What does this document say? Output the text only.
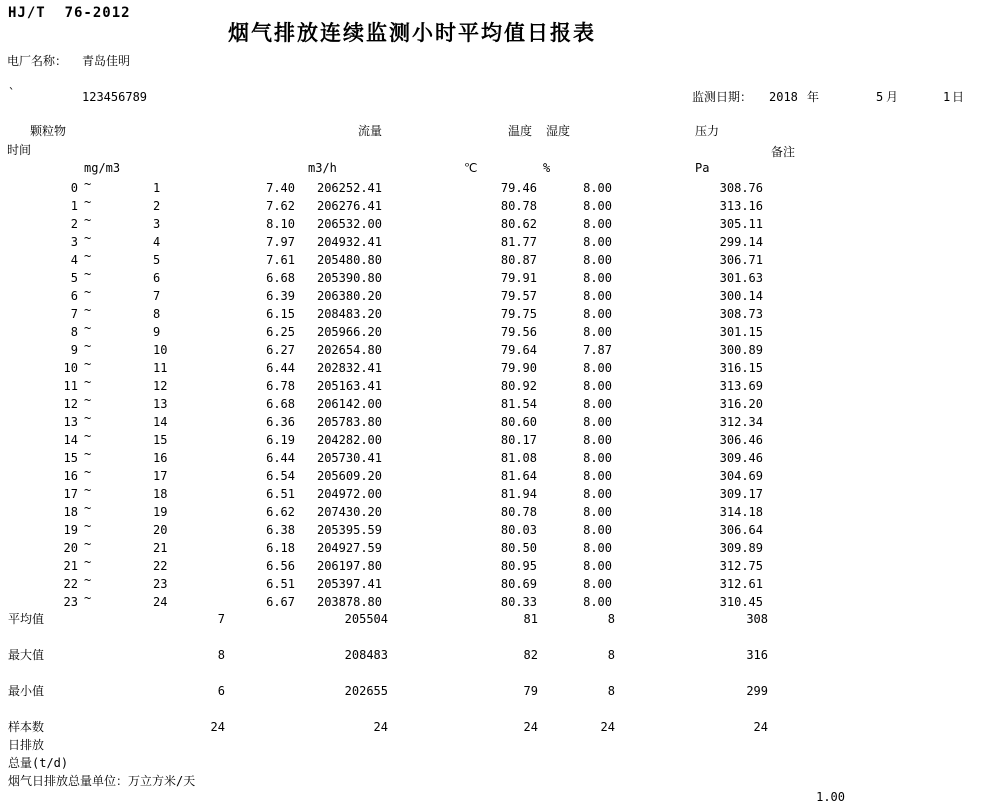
HJ/T  76-2012
烟气排放连续监测小时平均值日报表
电厂名称： 青岛佳明
`	123456789	监测日期： 2018 年	5 月	1 日
颗粒物	流量	温度 湿度	压力
时间	备注
mg/m3	m3/h	℃	%	Pa
0 ~	1	7.40	206252.41	79.46	8.00	308.76
1 ~	2	7.62	206276.41	80.78	8.00	313.16
2 ~	3	8.10	206532.00	80.62	8.00	305.11
3 ~	4	7.97	204932.41	81.77	8.00	299.14
4 ~	5	7.61	205480.80	80.87	8.00	306.71
5 ~	6	6.68	205390.80	79.91	8.00	301.63
6 ~	7	6.39	206380.20	79.57	8.00	300.14
7 ~	8	6.15	208483.20	79.75	8.00	308.73
8 ~	9	6.25	205966.20	79.56	8.00	301.15
9 ~	10	6.27	202654.80	79.64	7.87	300.89
10 ~	11	6.44	202832.41	79.90	8.00	316.15
11 ~	12	6.78	205163.41	80.92	8.00	313.69
12 ~	13	6.68	206142.00	81.54	8.00	316.20
13 ~	14	6.36	205783.80	80.60	8.00	312.34
14 ~	15	6.19	204282.00	80.17	8.00	306.46
15 ~	16	6.44	205730.41	81.08	8.00	309.46
16 ~	17	6.54	205609.20	81.64	8.00	304.69
17 ~	18	6.51	204972.00	81.94	8.00	309.17
18 ~	19	6.62	207430.20	80.78	8.00	314.18
19 ~	20	6.38	205395.59	80.03	8.00	306.64
20 ~	21	6.18	204927.59	80.50	8.00	309.89
21 ~	22	6.56	206197.80	80.95	8.00	312.75
22 ~	23	6.51	205397.41	80.69	8.00	312.61
23 ~	24	6.67	203878.80	80.33	8.00	310.45
平均值	7	205504	81	8	308
最大值	8	208483	82	8	316
最小值	6	202655	79	8	299
样本数	24	24	24	24	24
日排放
总量(t/d)
烟气日排放总量单位：万立方米/天
1.00
